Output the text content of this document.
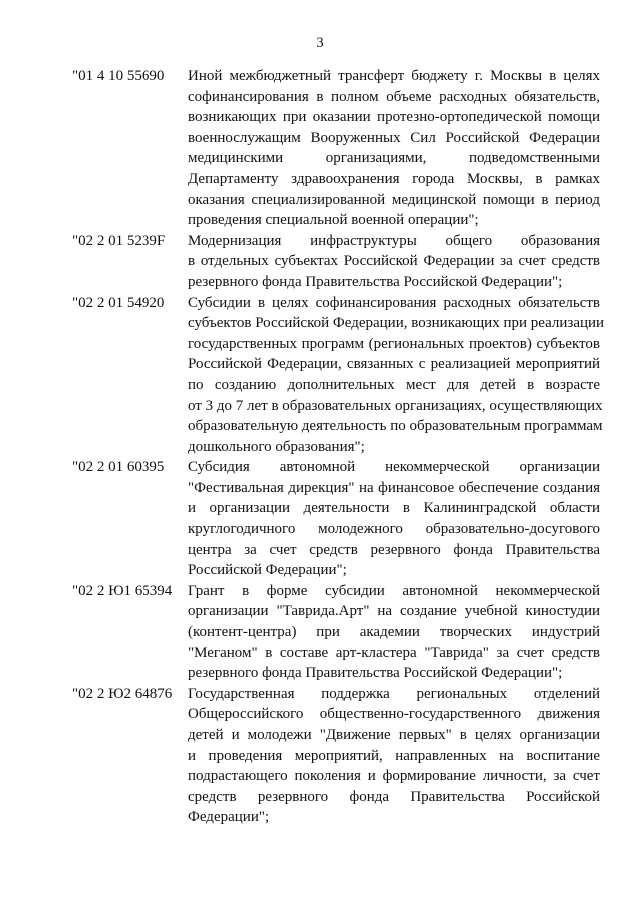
3
"01 4 10 55690	Иной межбюджетный трансферт бюджету г. Москвы в целях
софинансирования в полном объеме расходных обязательств,
возникающих при оказании протезно-ортопедической помощи
военнослужащим Вооруженных Сил Российской Федерации
медицинскими организациями, подведомственными
Департаменту здравоохранения города Москвы, в рамках
оказания специализированной медицинской помощи в период
проведения специальной военной операции";
"02 2 01 5239F	Модернизация инфраструктуры общего образования
в отдельных субъектах Российской Федерации за счет средств
резервного фонда Правительства Российской Федерации";
"02 2 01 54920	Субсидии в целях софинансирования расходных обязательств
субъектов Российской Федерации, возникающих при реализации
государственных программ (региональных проектов) субъектов
Российской Федерации, связанных с реализацией мероприятий
по созданию дополнительных мест для детей в возрасте
от 3 до 7 лет в образовательных организациях, осуществляющих
образовательную деятельность по образовательным программам
дошкольного образования";
"02 2 01 60395	Субсидия автономной некоммерческой организации
"Фестивальная дирекция" на финансовое обеспечение создания
и организации деятельности в Калининградской области
круглогодичного молодежного образовательно-досугового
центра за счет средств резервного фонда Правительства
Российской Федерации";
"02 2 Ю1 65394	Грант в форме субсидии автономной некоммерческой
организации "Таврида.Арт" на создание учебной киностудии
(контент-центра) при академии творческих индустрий
"Меганом" в составе арт-кластера "Таврида" за счет средств
резервного фонда Правительства Российской Федерации";
"02 2 Ю2 64876	Государственная поддержка региональных отделений
Общероссийского общественно-государственного движения
детей и молодежи "Движение первых" в целях организации
и проведения мероприятий, направленных на воспитание
подрастающего поколения и формирование личности, за счет
средств резервного фонда Правительства Российской
Федерации";
